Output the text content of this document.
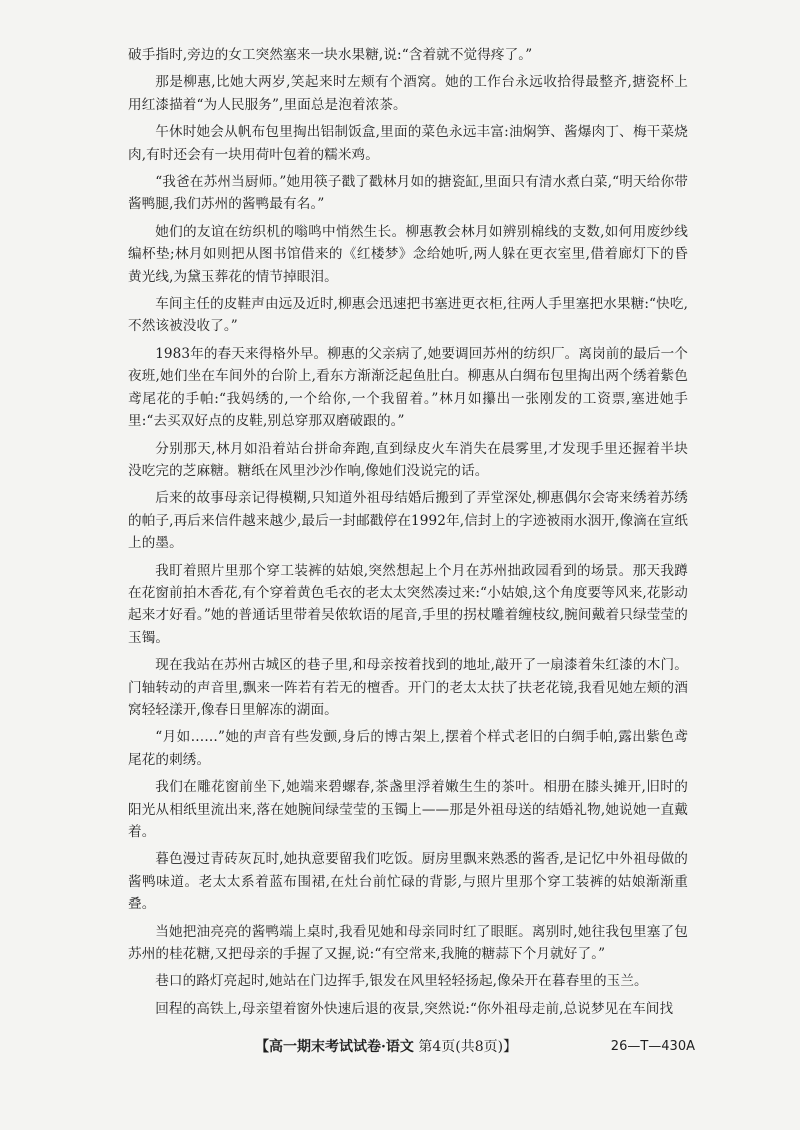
破手指时,旁边的女工突然塞来一块水果糖,说:“含着就不觉得疼了。”

那是柳惠,比她大两岁,笑起来时左颊有个酒窝。她的工作台永远收拾得最整齐,搪瓷杯上用红漆描着“为人民服务”,里面总是泡着浓茶。

午休时她会从帆布包里掏出铝制饭盒,里面的菜色永远丰富:油焖笋、酱爆肉丁、梅干菜烧肉,有时还会有一块用荷叶包着的糯米鸡。

“我爸在苏州当厨师。”她用筷子戳了戳林月如的搪瓷缸,里面只有清水煮白菜,“明天给你带酱鸭腿,我们苏州的酱鸭最有名。”

她们的友谊在纺织机的嗡鸣中悄然生长。柳惠教会林月如辨别棉线的支数,如何用废纱线编杯垫;林月如则把从图书馆借来的《红楼梦》念给她听,两人躲在更衣室里,借着廊灯下的昏黄光线,为黛玉葬花的情节掉眼泪。

车间主任的皮鞋声由远及近时,柳惠会迅速把书塞进更衣柜,往两人手里塞把水果糖:“快吃,不然该被没收了。”

1983年的春天来得格外早。柳惠的父亲病了,她要调回苏州的纺织厂。离岗前的最后一个夜班,她们坐在车间外的台阶上,看东方渐渐泛起鱼肚白。柳惠从白绸布包里掏出两个绣着紫色鸢尾花的手帕:“我妈绣的,一个给你,一个我留着。”林月如攥出一张刚发的工资票,塞进她手里:“去买双好点的皮鞋,别总穿那双磨破跟的。”

分别那天,林月如沿着站台拼命奔跑,直到绿皮火车消失在晨雾里,才发现手里还握着半块没吃完的芝麻糖。糖纸在风里沙沙作响,像她们没说完的话。

后来的故事母亲记得模糊,只知道外祖母结婚后搬到了弄堂深处,柳惠偶尔会寄来绣着苏绣的帕子,再后来信件越来越少,最后一封邮戳停在1992年,信封上的字迹被雨水洇开,像滴在宣纸上的墨。

我盯着照片里那个穿工装裤的姑娘,突然想起上个月在苏州拙政园看到的场景。那天我蹲在花窗前拍木香花,有个穿着黄色毛衣的老太太突然凑过来:“小姑娘,这个角度要等风来,花影动起来才好看。”她的普通话里带着吴侬软语的尾音,手里的拐杖雕着缠枝纹,腕间戴着只绿莹莹的玉镯。

现在我站在苏州古城区的巷子里,和母亲按着找到的地址,敲开了一扇漆着朱红漆的木门。门轴转动的声音里,飘来一阵若有若无的檀香。开门的老太太扶了扶老花镜,我看见她左颊的酒窝轻轻漾开,像春日里解冻的湖面。

“月如……”她的声音有些发颤,身后的博古架上,摆着个样式老旧的白绸手帕,露出紫色鸢尾花的刺绣。

我们在雕花窗前坐下,她端来碧螺春,茶盏里浮着嫩生生的茶叶。相册在膝头摊开,旧时的阳光从相纸里流出来,落在她腕间绿莹莹的玉镯上——那是外祖母送的结婚礼物,她说她一直戴着。

暮色漫过青砖灰瓦时,她执意要留我们吃饭。厨房里飘来熟悉的酱香,是记忆中外祖母做的酱鸭味道。老太太系着蓝布围裙,在灶台前忙碌的背影,与照片里那个穿工装裤的姑娘渐渐重叠。

当她把油亮亮的酱鸭端上桌时,我看见她和母亲同时红了眼眶。离别时,她往我包里塞了包苏州的桂花糖,又把母亲的手握了又握,说:“有空常来,我腌的糖蒜下个月就好了。”

巷口的路灯亮起时,她站在门边挥手,银发在风里轻轻扬起,像朵开在暮春里的玉兰。

回程的高铁上,母亲望着窗外快速后退的夜景,突然说:“你外祖母走前,总说梦见在车间找

【高一期末考试试卷·语文 第4页(共8页)】	26—T—430A
